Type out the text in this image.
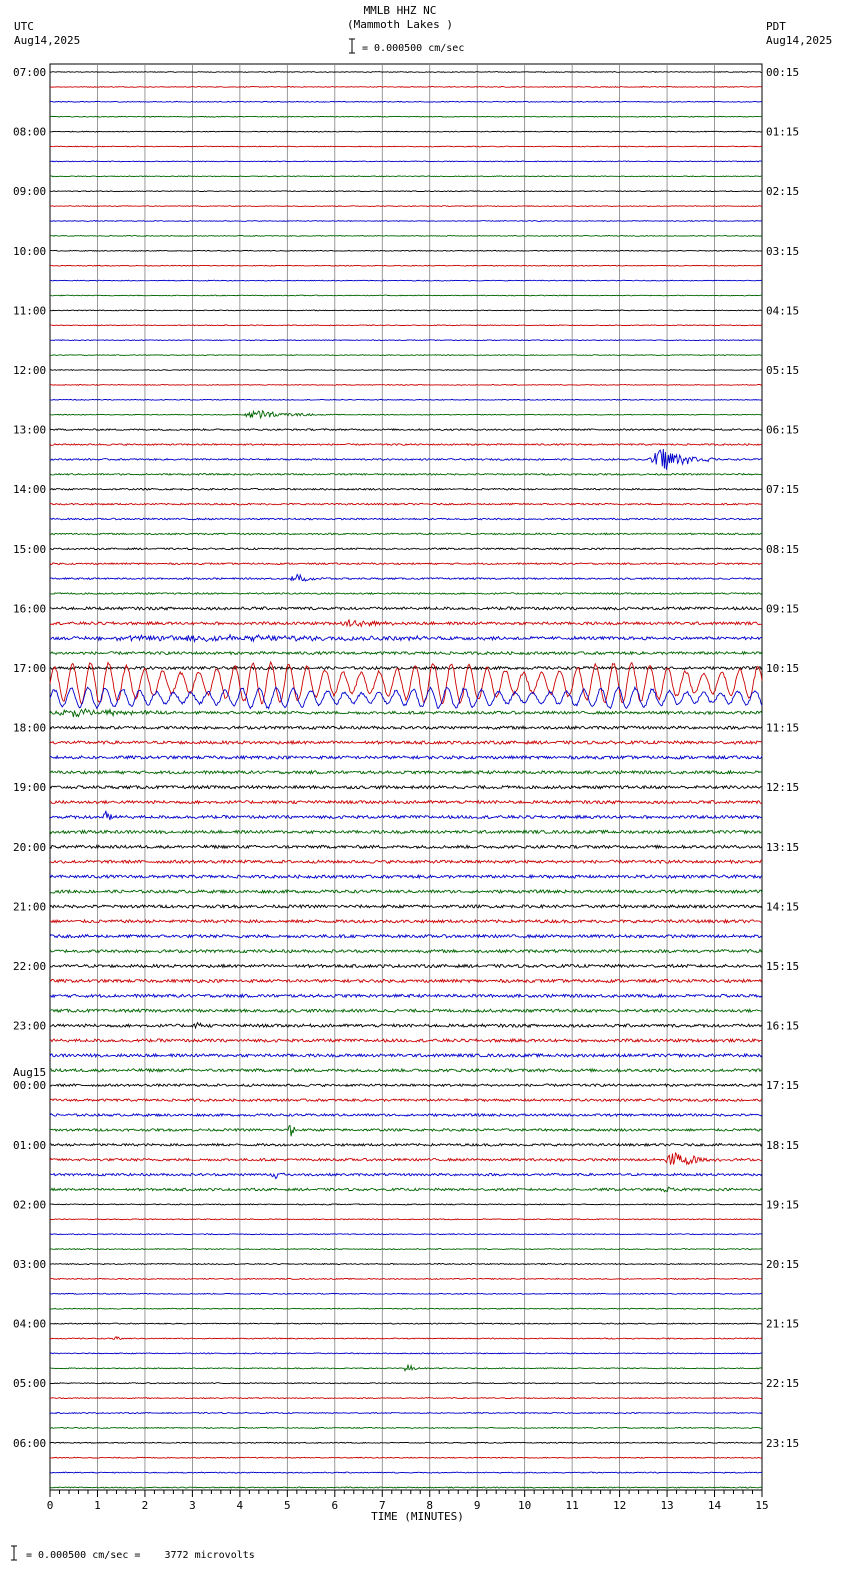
0	1	2	3	4	5	6	7	8	9	10	11	12	13	14	15
07:00
08:00
09:00
10:00
11:00
12:00
13:00
14:00
15:00
16:00
17:00
18:00
19:00
20:00
21:00
22:00
23:00
00:00
Aug15
01:00
02:00
03:00
04:00
05:00
06:00
00:15
01:15
02:15
03:15
04:15
05:15
06:15
07:15
08:15
09:15
10:15
11:15
12:15
13:15
14:15
15:15
16:15
17:15
18:15
19:15
20:15
21:15
22:15
23:15
MMLB HHZ NC
(Mammoth Lakes )
= 0.000500 cm/sec
UTC
Aug14,2025
PDT
Aug14,2025
TIME (MINUTES)
= 0.000500 cm/sec =    3772 microvolts
